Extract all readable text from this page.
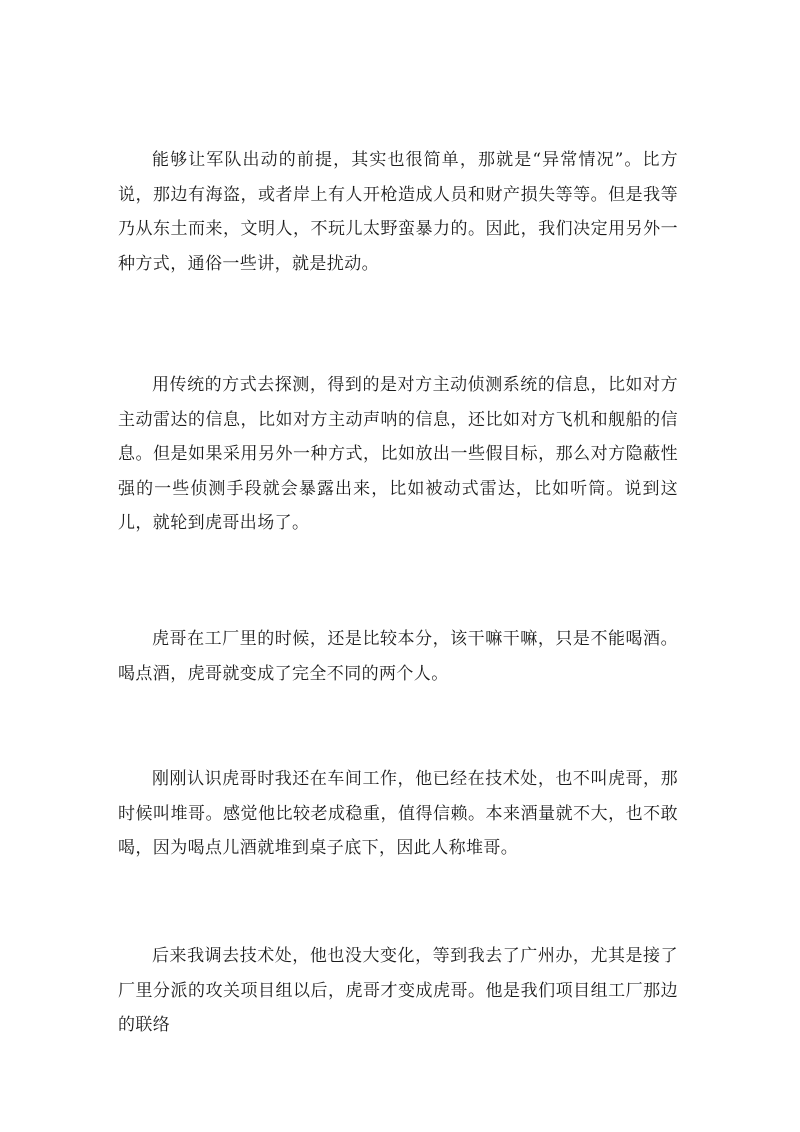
能够让军队出动的前提，其实也很简单，那就是“异常情况”。比方说，那边有海盗，或者岸上有人开枪造成人员和财产损失等等。但是我等乃从东土而来，文明人，不玩儿太野蛮暴力的。因此，我们决定用另外一种方式，通俗一些讲，就是扰动。

用传统的方式去探测，得到的是对方主动侦测系统的信息，比如对方主动雷达的信息，比如对方主动声呐的信息，还比如对方飞机和舰船的信息。但是如果采用另外一种方式，比如放出一些假目标，那么对方隐蔽性强的一些侦测手段就会暴露出来，比如被动式雷达，比如听筒。说到这儿，就轮到虎哥出场了。

虎哥在工厂里的时候，还是比较本分，该干嘛干嘛，只是不能喝酒。喝点酒，虎哥就变成了完全不同的两个人。

刚刚认识虎哥时我还在车间工作，他已经在技术处，也不叫虎哥，那时候叫堆哥。感觉他比较老成稳重，值得信赖。本来酒量就不大，也不敢喝，因为喝点儿酒就堆到桌子底下，因此人称堆哥。

后来我调去技术处，他也没大变化，等到我去了广州办，尤其是接了厂里分派的攻关项目组以后，虎哥才变成虎哥。他是我们项目组工厂那边的联络
